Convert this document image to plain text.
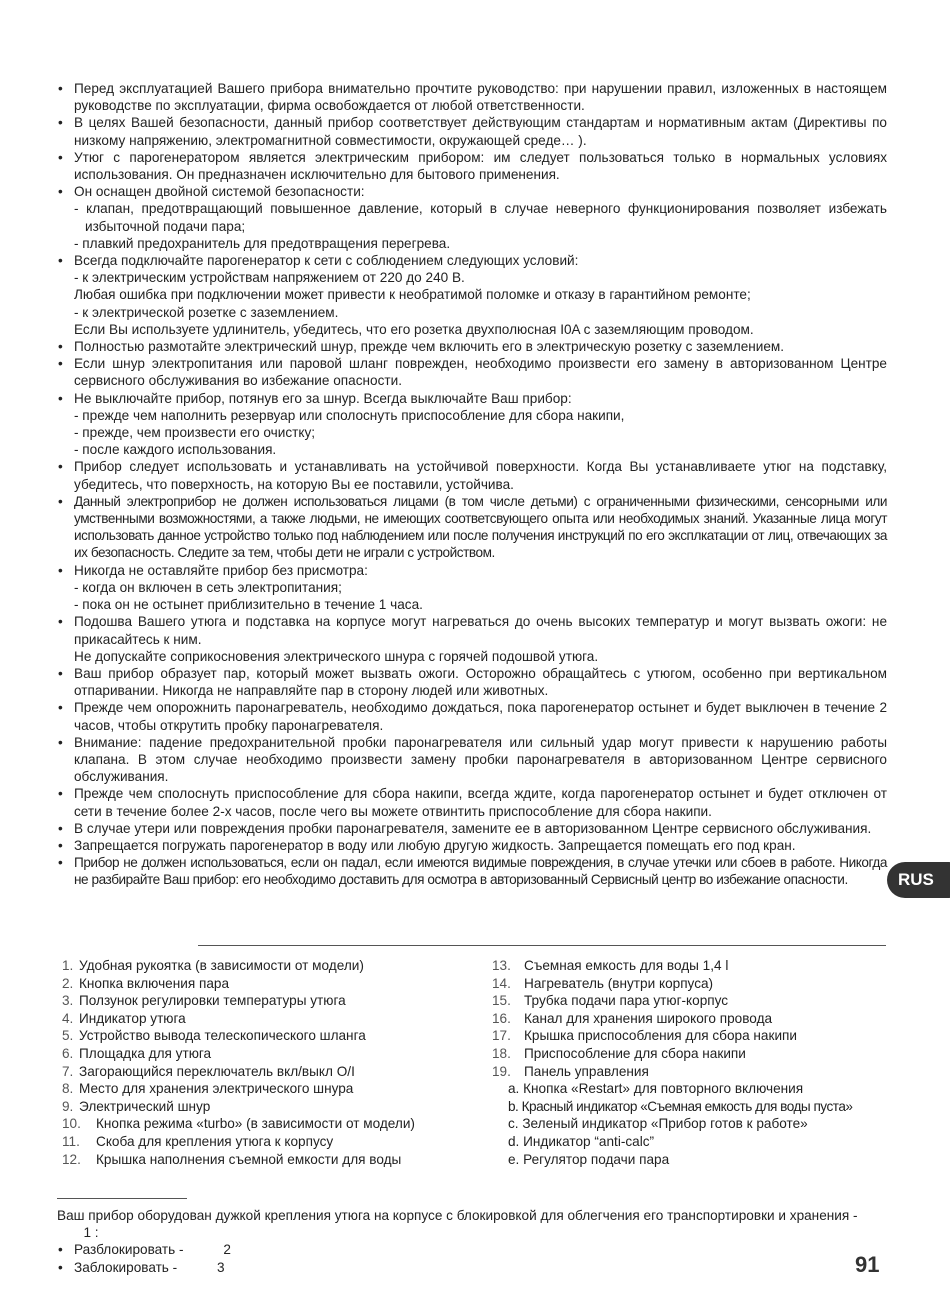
• Перед эксплуатацией Вашего прибора внимательно прочтите руководство: при нарушении правил, изложенных в настоящем руководстве по эксплуатации, фирма освобождается от любой ответственности.
• В целях Вашей безопасности, данный прибор соответствует действующим стандартам и нормативным актам (Директивы по низкому напряжению, электромагнитной совместимости, окружающей среде… ).
• Утюг с парогенератором является электрическим прибором: им следует пользоваться только в нормальных условиях использования. Он предназначен исключительно для бытового применения.
• Он оснащен двойной системой безопасности:
- клапан, предотвращающий повышенное давление, который в случае неверного функционирования позволяет избежать избыточной подачи пара;
- плавкий предохранитель для предотвращения перегрева.
• Всегда подключайте парогенератор к сети с соблюдением следующих условий:
- к электрическим устройствам напряжением от 220 до 240 В.
Любая ошибка при подключении может привести к необратимой поломке и отказу в гарантийном ремонте;
- к электрической розетке с заземлением.
Если Вы используете удлинитель, убедитесь, что его розетка двухполюсная I0A с заземляющим проводом.
• Полностью размотайте электрический шнур, прежде чем включить его в электрическую розетку с заземлением.
• Если шнур электропитания или паровой шланг поврежден, необходимо произвести его замену в авторизованном Центре сервисного обслуживания во избежание опасности.
• Не выключайте прибор, потянув его за шнур. Всегда выключайте Ваш прибор:
- прежде чем наполнить резервуар или сполоснуть приспособление для сбора накипи,
- прежде, чем произвести его очистку;
- после каждого использования.
• Прибор следует использовать и устанавливать на устойчивой поверхности. Когда Вы устанавливаете утюг на подставку, убедитесь, что поверхность, на которую Вы ее поставили, устойчива.
• Данный электроприбор не должен использоваться лицами (в том числе детьми) с ограниченными физическими, сенсорными или умственными возможностями, а также людьми, не имеющих соответсвующего опыта или необходимых знаний. Указанные лица могут использовать данное устройство только под наблюдением или после получения инструкций по его эксплкатации от лиц, отвечающих за их безопасность. Следите за тем, чтобы дети не играли с устройством.
• Никогда не оставляйте прибор без присмотра:
- когда он включен в сеть электропитания;
- пока он не остынет приблизительно в течение 1 часа.
• Подошва Вашего утюга и подставка на корпусе могут нагреваться до очень высоких температур и могут вызвать ожоги: не прикасайтесь к ним.
Не допускайте соприкосновения электрического шнура с горячей подошвой утюга.
• Ваш прибор образует пар, который может вызвать ожоги. Осторожно обращайтесь с утюгом, особенно при вертикальном отпаривании. Никогда не направляйте пар в сторону людей или животных.
• Прежде чем опорожнить паронагреватель, необходимо дождаться, пока парогенератор остынет и будет выключен в течение 2 часов, чтобы открутить пробку паронагревателя.
• Внимание: падение предохранительной пробки паронагревателя или сильный удар могут привести к нарушению работы клапана. В этом случае необходимо произвести замену пробки паронагревателя в авторизованном Центре сервисного обслуживания.
• Прежде чем сполоснуть приспособление для сбора накипи, всегда ждите, когда парогенератор остынет и будет отключен от сети в течение более 2-х часов, после чего вы можете отвинтить приспособление для сбора накипи.
• В случае утери или повреждения пробки паронагревателя, замените ее в авторизованном Центре сервисного обслуживания.
• Запрещается погружать парогенератор в воду или любую другую жидкость. Запрещается помещать его под кран.
• Прибор не должен использоваться, если он падал, если имеются видимые повреждения, в случае утечки или сбоев в работе. Никогда не разбирайте Ваш прибор: его необходимо доставить для осмотра в авторизованный Сервисный центр во избежание опасности.	RUS
1. Удобная рукоятка (в зависимости от модели)
2. Кнопка включения пара
3. Ползунок регулировки температуры утюга
4. Индикатор утюга
5. Устройство вывода телескопического шланга
6. Площадка для утюга
7. Загорающийся переключатель вкл/выкл O/I
8. Место для хранения электрического шнура
9. Электрический шнур
10. Кнопка режима «turbo» (в зависимости от модели)
11. Скоба для крепления утюга к корпусу
12. Крышка наполнения съемной емкости для воды
13. Съемная емкость для воды 1,4 l
14. Нагреватель (внутри корпуса)
15. Трубка подачи пара утюг-корпус
16. Канал для хранения широкого провода
17. Крышка приспособления для сбора накипи
18. Приспособление для сбора накипи
19. Панель управления
a. Кнопка «Restart» для повторного включения
b. Красный индикатор «Съемная емкость для воды пуста»
c. Зеленый индикатор «Прибор готов к работе»
d. Индикатор “anti-calc”
e. Регулятор подачи пара
Ваш прибор оборудован дужкой крепления утюга на корпусе с блокировкой для облегчения его транспортировки и хранения -       1 :
• Разблокировать -	2
• Заблокировать -	3	91
